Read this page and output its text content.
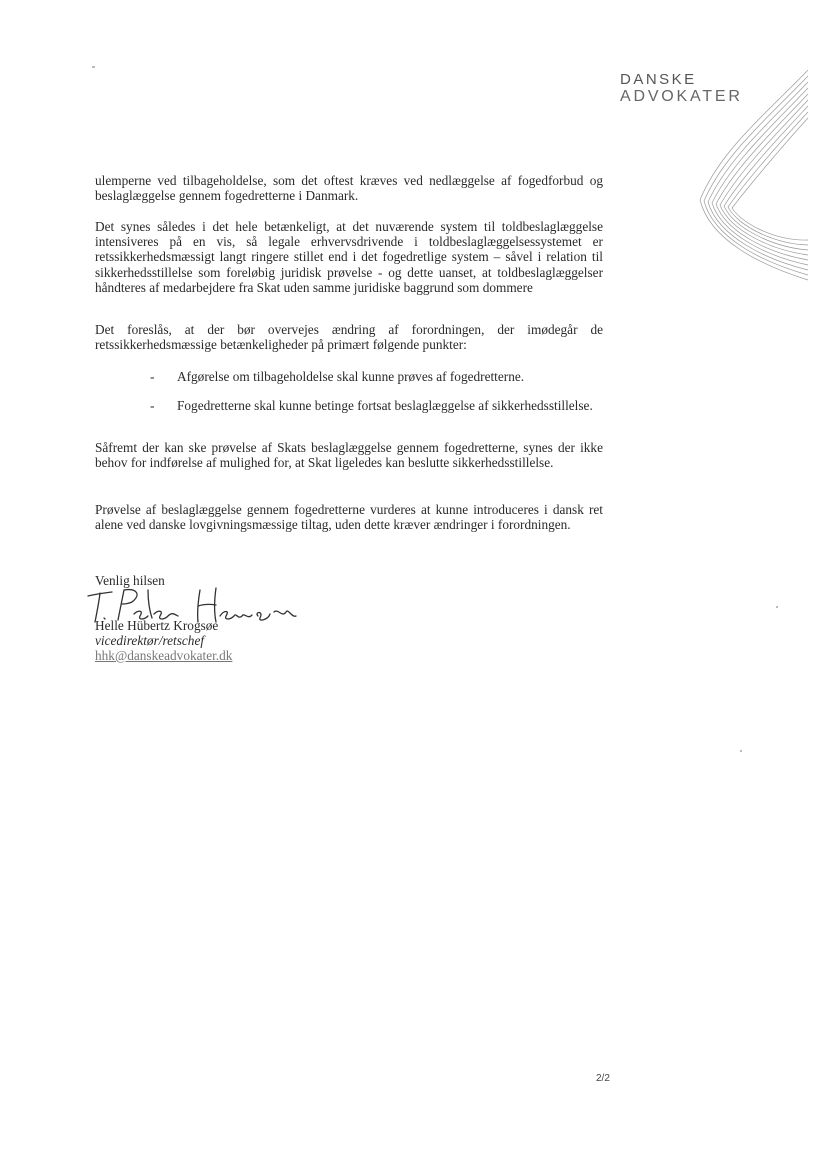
DANSKE
ADVOKATER
ulemperne ved tilbageholdelse, som det oftest kræves ved nedlæggelse af fogedforbud og beslaglæggelse gennem fogedretterne i Danmark.
Det synes således i det hele betænkeligt, at det nuværende system til toldbeslaglæggelse intensiveres på en vis, så legale erhvervsdrivende i toldbeslaglæggelsessystemet er retssikkerhedsmæssigt langt ringere stillet end i det fogedretlige system – såvel i relation til sikkerhedsstillelse som foreløbig juridisk prøvelse - og dette uanset, at toldbeslaglæggelser håndteres af medarbejdere fra Skat uden samme juridiske baggrund som dommere
Det foreslås, at der bør overvejes ændring af forordningen, der imødegår de retssikkerhedsmæssige betænkeligheder på primært følgende punkter:
- Afgørelse om tilbageholdelse skal kunne prøves af fogedretterne.
- Fogedretterne skal kunne betinge fortsat beslaglæggelse af sikkerhedsstillelse.
Såfremt der kan ske prøvelse af Skats beslaglæggelse gennem fogedretterne, synes der ikke behov for indførelse af mulighed for, at Skat ligeledes kan beslutte sikkerhedsstillelse.
Prøvelse af beslaglæggelse gennem fogedretterne vurderes at kunne introduceres i dansk ret alene ved danske lovgivningsmæssige tiltag, uden dette kræver ændringer i forordningen.
Venlig hilsen
Helle Hübertz Krogsøe
vicedirektør/retschef
hhk@danskeadvokater.dk
2/2
